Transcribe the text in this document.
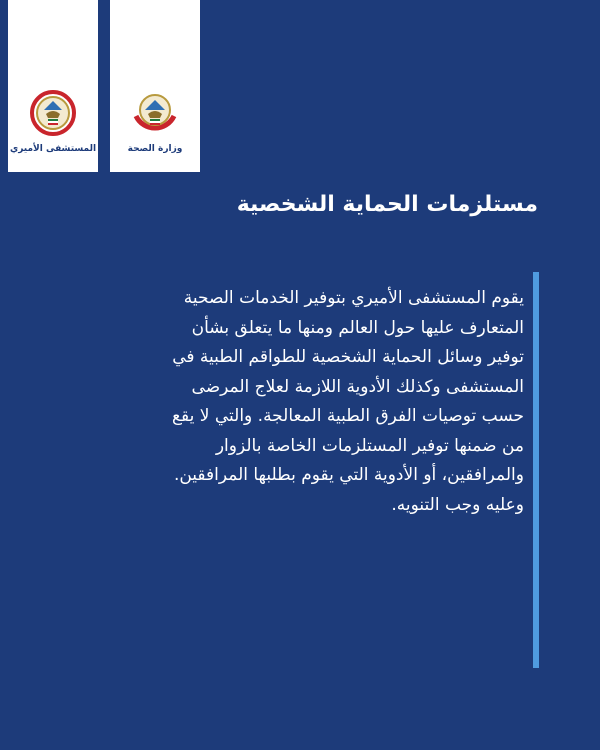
وزارة الصحة
المستشفى الأميري
مستلزمات الحماية الشخصية

يقوم المستشفى الأميري بتوفير الخدمات الصحية
المتعارف عليها حول العالم ومنها ما يتعلق بشأن
توفير وسائل الحماية الشخصية للطواقم الطبية في
المستشفى وكذلك الأدوية اللازمة لعلاج المرضى
حسب توصيات الفرق الطبية المعالجة. والتي لا يقع
من ضمنها توفير المستلزمات الخاصة بالزوار
والمرافقين، أو الأدوية التي يقوم بطلبها المرافقين.
وعليه وجب التنويه.
